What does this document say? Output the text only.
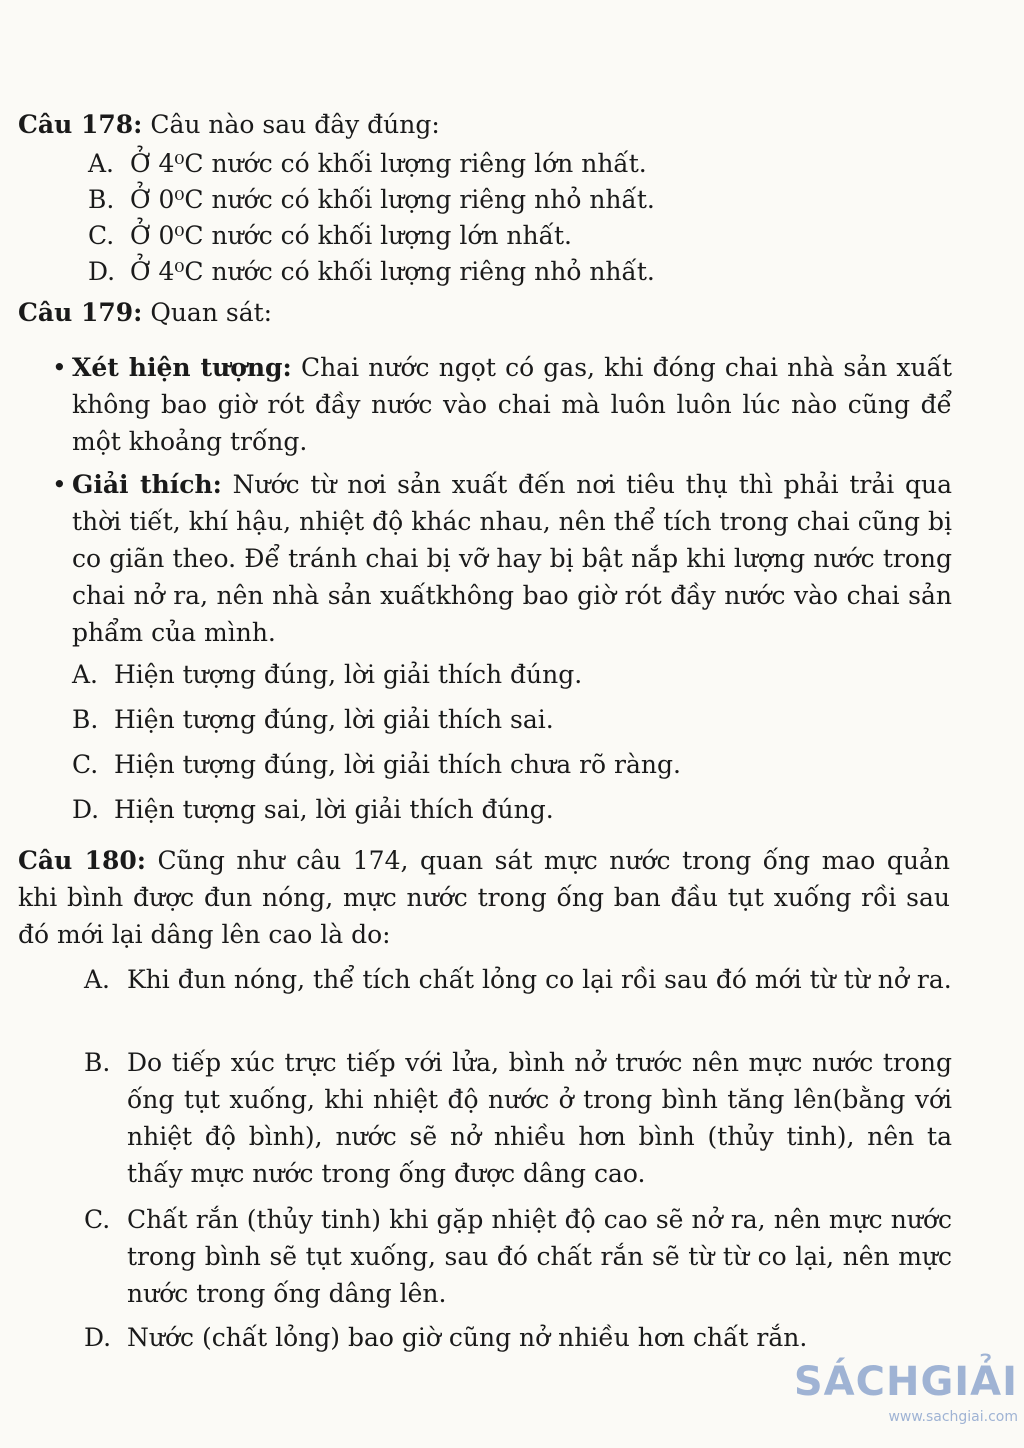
Câu 178: Câu nào sau đây đúng:
A. Ở 4⁰C nước có khối lượng riêng lớn nhất.
B. Ở 0⁰C nước có khối lượng riêng nhỏ nhất.
C. Ở 0⁰C nước có khối lượng lớn nhất.
D. Ở 4⁰C nước có khối lượng riêng nhỏ nhất.
Câu 179: Quan sát:
• Xét hiện tượng: Chai nước ngọt có gas, khi đóng chai nhà sản xuất không bao giờ rót đầy nước vào chai mà luôn luôn lúc nào cũng để một khoảng trống.
• Giải thích: Nước từ nơi sản xuất đến nơi tiêu thụ thì phải trải qua thời tiết, khí hậu, nhiệt độ khác nhau, nên thể tích trong chai cũng bị co giãn theo. Để tránh chai bị vỡ hay bị bật nắp khi lượng nước trong chai nở ra, nên nhà sản xuấtkhông bao giờ rót đầy nước vào chai sản phẩm của mình.
A. Hiện tượng đúng, lời giải thích đúng.
B. Hiện tượng đúng, lời giải thích sai.
C. Hiện tượng đúng, lời giải thích chưa rõ ràng.
D. Hiện tượng sai, lời giải thích đúng.
Câu 180: Cũng như câu 174, quan sát mực nước trong ống mao quản khi bình được đun nóng, mực nước trong ống ban đầu tụt xuống rồi sau đó mới lại dâng lên cao là do:
A. Khi đun nóng, thể tích chất lỏng co lại rồi sau đó mới từ từ nở ra.
B. Do tiếp xúc trực tiếp với lửa, bình nở trước nên mực nước trong ống tụt xuống, khi nhiệt độ nước ở trong bình tăng lên(bằng với nhiệt độ bình), nước sẽ nở nhiều hơn bình (thủy tinh), nên ta thấy mực nước trong ống được dâng cao.
C. Chất rắn (thủy tinh) khi gặp nhiệt độ cao sẽ nở ra, nên mực nước trong bình sẽ tụt xuống, sau đó chất rắn sẽ từ từ co lại, nên mực nước trong ống dâng lên.
D. Nước (chất lỏng) bao giờ cũng nở nhiều hơn chất rắn.
SÁCHGIẢI
www.sachgiai.com
